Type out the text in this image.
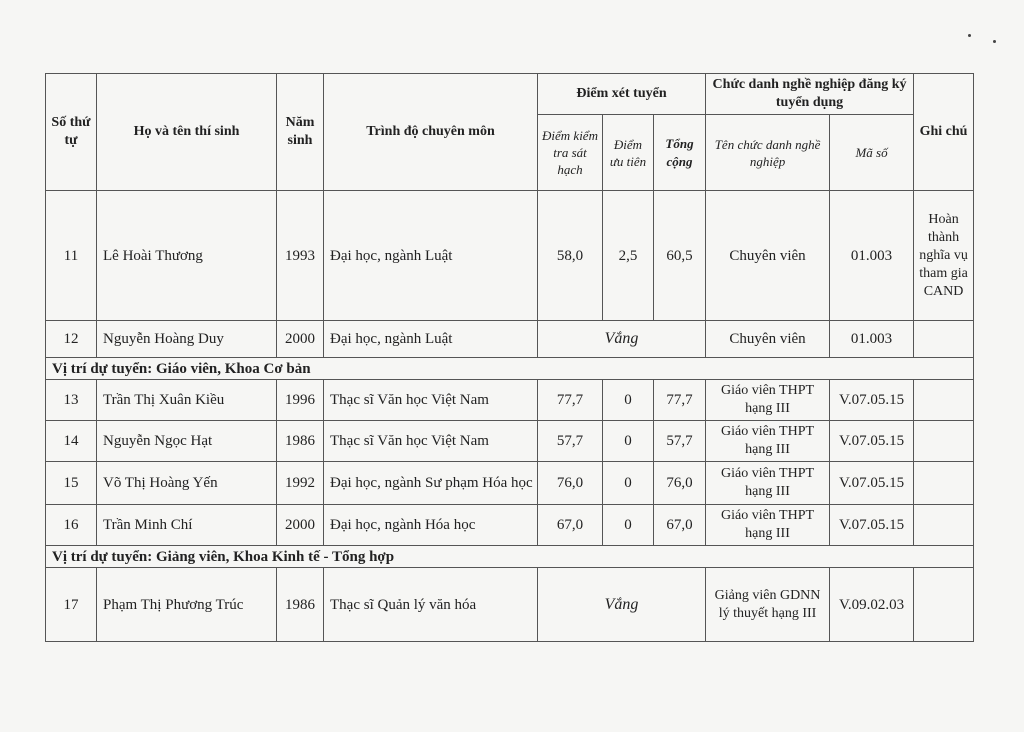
Số thứ tự	Họ và tên thí sinh	Năm sinh	Trình độ chuyên môn	Điểm xét tuyển			Chức danh nghề nghiệp đăng ký tuyển dụng		Ghi chú
				Điểm kiểm tra sát hạch	Điểm ưu tiên	Tổng cộng	Tên chức danh nghề nghiệp	Mã số	
11	Lê Hoài Thương	1993	Đại học, ngành Luật	58,0	2,5	60,5	Chuyên viên	01.003	Hoàn thành nghĩa vụ tham gia CAND
12	Nguyễn Hoàng Duy	2000	Đại học, ngành Luật	Vắng			Chuyên viên	01.003	
Vị trí dự tuyển: Giáo viên, Khoa Cơ bản									
13	Trần Thị Xuân Kiều	1996	Thạc sĩ Văn học Việt Nam	77,7	0	77,7	Giáo viên THPT hạng III	V.07.05.15	
14	Nguyễn Ngọc Hạt	1986	Thạc sĩ Văn học Việt Nam	57,7	0	57,7	Giáo viên THPT hạng III	V.07.05.15	
15	Võ Thị Hoàng Yến	1992	Đại học, ngành Sư phạm Hóa học	76,0	0	76,0	Giáo viên THPT hạng III	V.07.05.15	
16	Trần Minh Chí	2000	Đại học, ngành Hóa học	67,0	0	67,0	Giáo viên THPT hạng III	V.07.05.15	
Vị trí dự tuyển: Giảng viên, Khoa Kinh tế - Tổng hợp									
17	Phạm Thị Phương Trúc	1986	Thạc sĩ Quản lý văn hóa	Vắng			Giảng viên GDNN lý thuyết hạng III	V.09.02.03	
